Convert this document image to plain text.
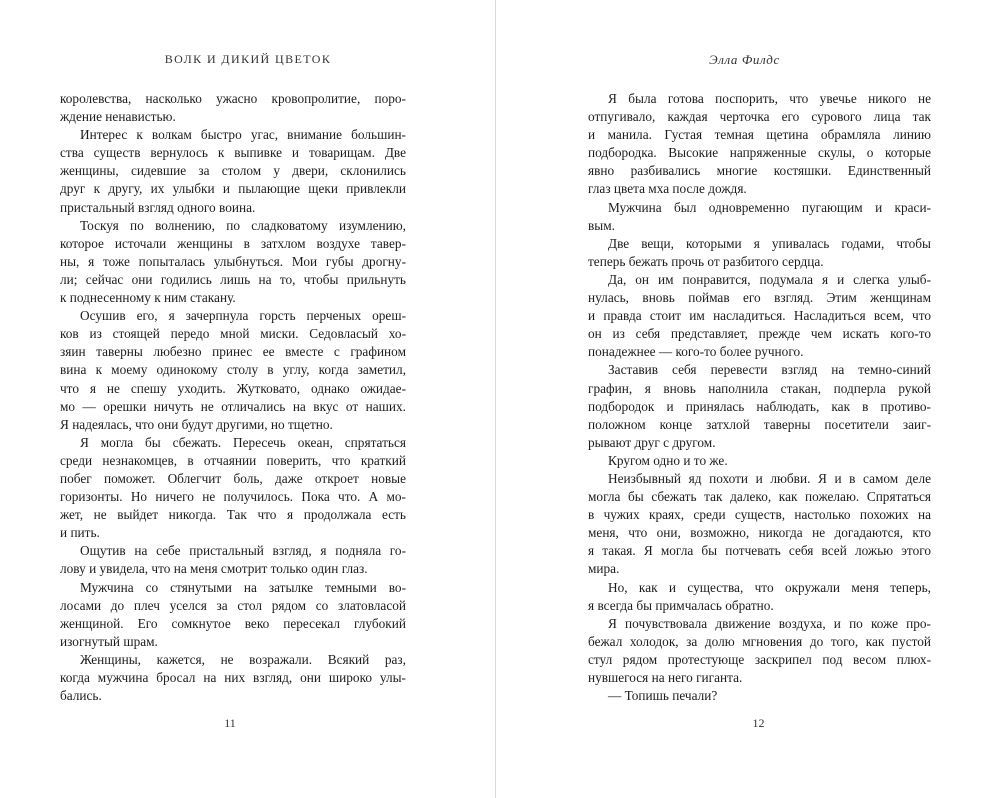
ВОЛК И ДИКИЙ ЦВЕТОК
королевства, насколько ужасно кровопролитие, поро-
ждение ненавистью.
Интерес к волкам быстро угас, внимание большин-
ства существ вернулось к выпивке и товарищам. Две
женщины, сидевшие за столом у двери, склонились
друг к другу, их улыбки и пылающие щеки привлекли
пристальный взгляд одного воина.
Тоскуя по волнению, по сладковатому изумлению,
которое источали женщины в затхлом воздухе тавер-
ны, я тоже попыталась улыбнуться. Мои губы дрогну-
ли; сейчас они годились лишь на то, чтобы прильнуть
к поднесенному к ним стакану.
Осушив его, я зачерпнула горсть перченых ореш-
ков из стоящей передо мной миски. Седовласый хо-
зяин таверны любезно принес ее вместе с графином
вина к моему одинокому столу в углу, когда заметил,
что я не спешу уходить. Жутковато, однако ожидае-
мо — орешки ничуть не отличались на вкус от наших.
Я надеялась, что они будут другими, но тщетно.
Я могла бы сбежать. Пересечь океан, спрятаться
среди незнакомцев, в отчаянии поверить, что краткий
побег поможет. Облегчит боль, даже откроет новые
горизонты. Но ничего не получилось. Пока что. А мо-
жет, не выйдет никогда. Так что я продолжала есть
и пить.
Ощутив на себе пристальный взгляд, я подняла го-
лову и увидела, что на меня смотрит только один глаз.
Мужчина со стянутыми на затылке темными во-
лосами до плеч уселся за стол рядом со златовласой
женщиной. Его сомкнутое веко пересекал глубокий
изогнутый шрам.
Женщины, кажется, не возражали. Всякий раз,
когда мужчина бросал на них взгляд, они широко улы-
бались.
11
Элла Филдс
Я была готова поспорить, что увечье никого не
отпугивало, каждая черточка его сурового лица так
и манила. Густая темная щетина обрамляла линию
подбородка. Высокие напряженные скулы, о которые
явно разбивались многие костяшки. Единственный
глаз цвета мха после дождя.
Мужчина был одновременно пугающим и краси-
вым.
Две вещи, которыми я упивалась годами, чтобы
теперь бежать прочь от разбитого сердца.
Да, он им понравится, подумала я и слегка улыб-
нулась, вновь поймав его взгляд. Этим женщинам
и правда стоит им насладиться. Насладиться всем, что
он из себя представляет, прежде чем искать кого-то
понадежнее — кого-то более ручного.
Заставив себя перевести взгляд на темно-синий
графин, я вновь наполнила стакан, подперла рукой
подбородок и принялась наблюдать, как в противо-
положном конце затхлой таверны посетители заиг-
рывают друг с другом.
Кругом одно и то же.
Неизбывный яд похоти и любви. Я и в самом деле
могла бы сбежать так далеко, как пожелаю. Спрятаться
в чужих краях, среди существ, настолько похожих на
меня, что они, возможно, никогда не догадаются, кто
я такая. Я могла бы потчевать себя всей ложью этого
мира.
Но, как и существа, что окружали меня теперь,
я всегда бы примчалась обратно.
Я почувствовала движение воздуха, и по коже про-
бежал холодок, за долю мгновения до того, как пустой
стул рядом протестующе заскрипел под весом плюх-
нувшегося на него гиганта.
— Топишь печали?
12
